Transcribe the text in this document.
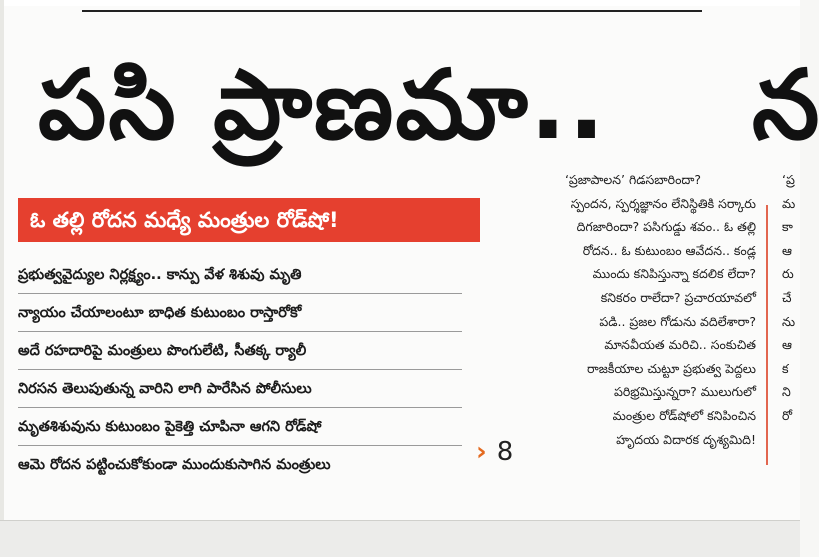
పసి ప్రాణమా.. న
ఓ తల్లి రోదన మధ్యే మంత్రుల రోడ్‌షో!
ప్రభుత్వవైద్యుల నిర్లక్ష్యం.. కాన్పు వేళ శిశువు మృతి
న్యాయం చేయాలంటూ బాధిత కుటుంబం రాస్తారోకో
అదే రహదారిపై మంత్రులు పొంగులేటి, సీతక్క ర్యాలీ
నిరసన తెలుపుతున్న వారిని లాగి పారేసిన పోలీసులు
మృతశిశువును కుటుంబం పైకెత్తి చూపినా ఆగని రోడ్‌షో
ఆమె రోదన పట్టించుకోకుండా ముందుకుసాగిన మంత్రులు	› 8
‘ప్రజాపాలన’ గిడసబారిందా?
స్పందన, స్పర్శజ్ఞానం లేనిస్థితికి సర్కారు
దిగజారిందా? పసిగుడ్డు శవం.. ఓ తల్లి
రోదన.. ఓ కుటుంబం ఆవేదన.. కండ్ల
ముందు కనిపిస్తున్నా కదలిక లేదా?
కనికరం రాలేదా? ప్రచారయావలో
పడి.. ప్రజల గోడును వదిలేశారా?
మానవీయత మరిచి.. సంకుచిత
రాజకీయాల చుట్టూ ప్రభుత్వ పెద్దలు
పరిభ్రమిస్తున్నరా? ములుగులో
మంత్రుల రోడ్‌షోలో కనిపించిన
హృదయ విదారక దృశ్యమిది!
‘ప్ర
మ
కా
ఆ
రు
చే
ను
ఆ
క
ని
రో
